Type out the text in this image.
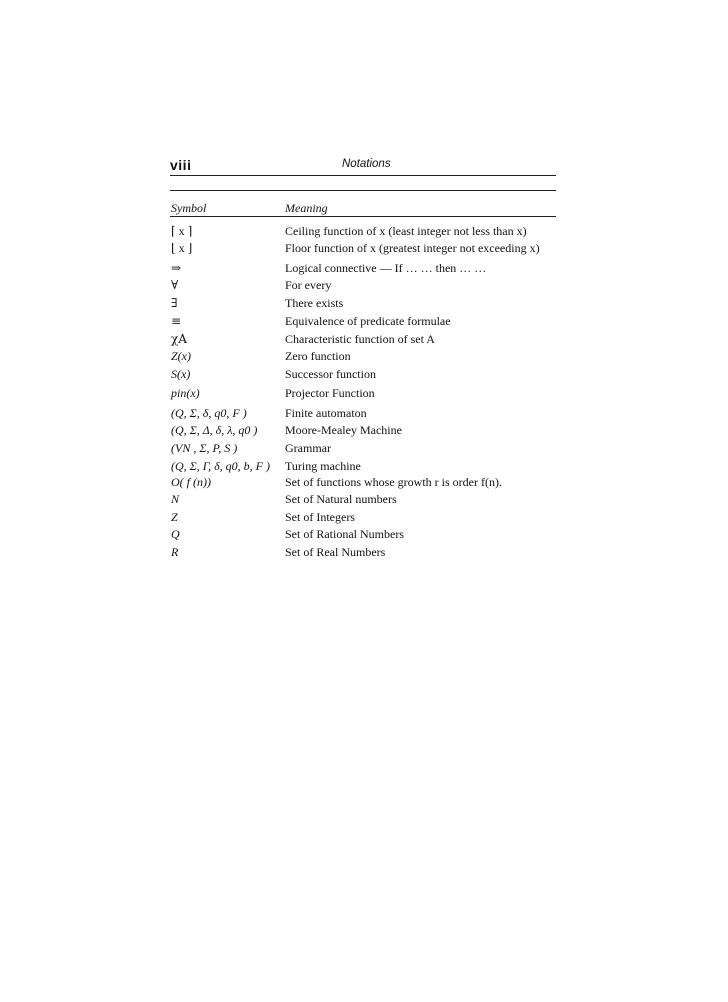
viii	Notations
Symbol	Meaning
⌈ x ⌉	Ceiling function of x (least integer not less than x)
⌊ x ⌋	Floor function of x (greatest integer not exceeding x)
⇒	Logical connective — If … … then … …
∀	For every
∃	There exists
≡	Equivalence of predicate formulae
χA	Characteristic function of set A
Z(x)	Zero function
S(x)	Successor function
pin(x)	Projector Function
(Q, Σ, δ, q0, F )	Finite automaton
(Q, Σ, Δ, δ, λ, q0 ) Moore-Mealey Machine
(VN , Σ, P, S )	Grammar
(Q, Σ, Γ, δ, q0, b, F ) Turing machine
O( f (n))	Set of functions whose growth r is order f(n).
N	Set of Natural numbers
Z	Set of Integers
Q	Set of Rational Numbers
R	Set of Real Numbers
